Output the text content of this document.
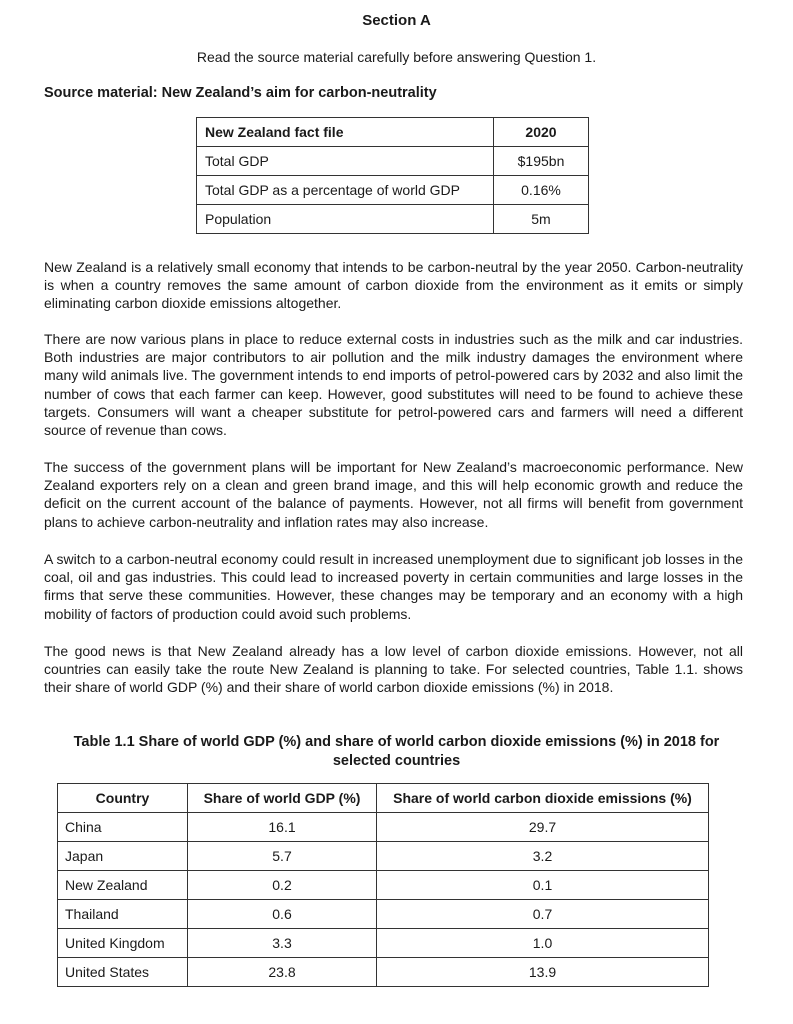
Section A
Read the source material carefully before answering Question 1.
Source material: New Zealand’s aim for carbon-neutrality
New Zealand fact file	2020
Total GDP	$195bn
Total GDP as a percentage of world GDP	0.16%
Population	5m

New Zealand is a relatively small economy that intends to be carbon-neutral by the year 2050. Carbon-neutrality is when a country removes the same amount of carbon dioxide from the environment as it emits or simply eliminating carbon dioxide emissions altogether.

There are now various plans in place to reduce external costs in industries such as the milk and car industries. Both industries are major contributors to air pollution and the milk industry damages the environment where many wild animals live. The government intends to end imports of petrol-powered cars by 2032 and also limit the number of cows that each farmer can keep. However, good substitutes will need to be found to achieve these targets. Consumers will want a cheaper substitute for petrol-powered cars and farmers will need a different source of revenue than cows.

The success of the government plans will be important for New Zealand’s macroeconomic performance. New Zealand exporters rely on a clean and green brand image, and this will help economic growth and reduce the deficit on the current account of the balance of payments. However, not all firms will benefit from government plans to achieve carbon-neutrality and inflation rates may also increase.

A switch to a carbon-neutral economy could result in increased unemployment due to significant job losses in the coal, oil and gas industries. This could lead to increased poverty in certain communities and large losses in the firms that serve these communities. However, these changes may be temporary and an economy with a high mobility of factors of production could avoid such problems.

The good news is that New Zealand already has a low level of carbon dioxide emissions. However, not all countries can easily take the route New Zealand is planning to take. For selected countries, Table 1.1. shows their share of world GDP (%) and their share of world carbon dioxide emissions (%) in 2018.

Table 1.1 Share of world GDP (%) and share of world carbon dioxide emissions (%) in 2018 for selected countries
Country	Share of world GDP (%)	Share of world carbon dioxide emissions (%)
China	16.1	29.7
Japan	5.7	3.2
New Zealand	0.2	0.1
Thailand	0.6	0.7
United Kingdom	3.3	1.0
United States	23.8	13.9
